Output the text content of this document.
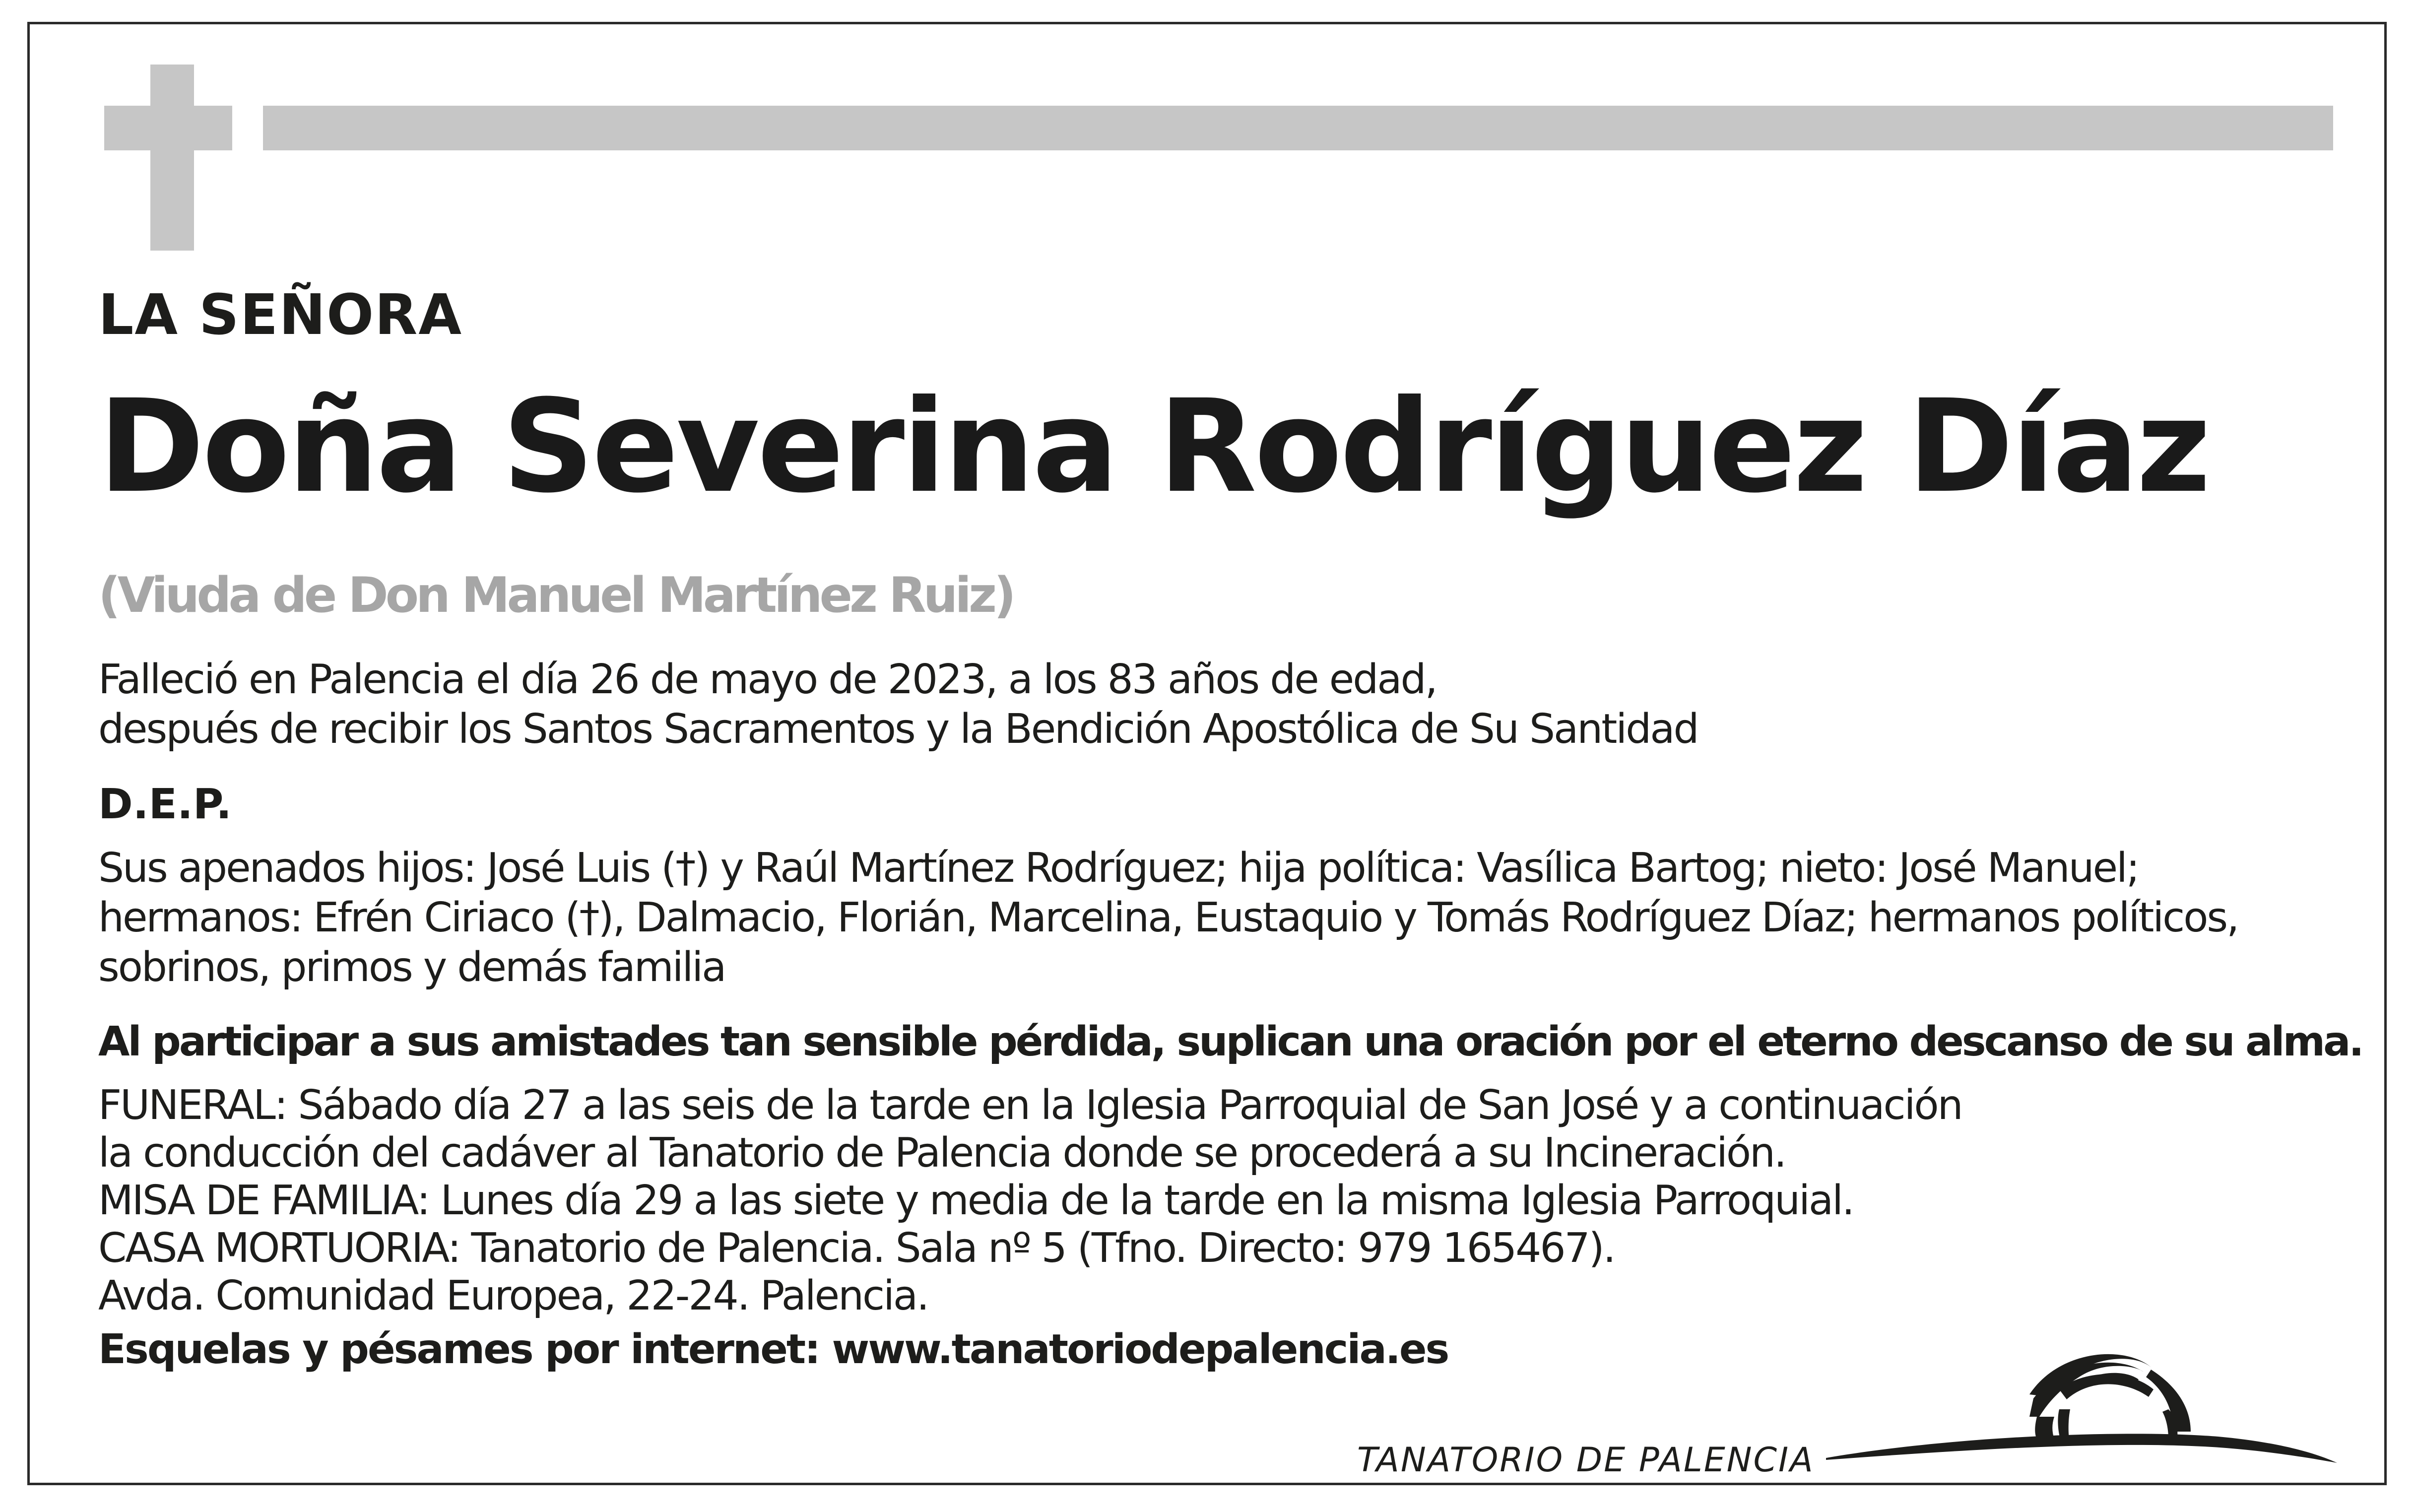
LA SEÑORA

Doña Severina Rodríguez Díaz

(Viuda de Don Manuel Martínez Ruiz)

Falleció en Palencia el día 26 de mayo de 2023, a los 83 años de edad,
después de recibir los Santos Sacramentos y la Bendición Apostólica de Su Santidad
D.E.P.
Sus apenados hijos: José Luis (†) y Raúl Martínez Rodríguez; hija política: Vasílica Bartog; nieto: José Manuel;
hermanos: Efrén Ciriaco (†), Dalmacio, Florián, Marcelina, Eustaquio y Tomás Rodríguez Díaz; hermanos políticos,
sobrinos, primos y demás familia
Al participar a sus amistades tan sensible pérdida, suplican una oración por el eterno descanso de su alma.
FUNERAL: Sábado día 27 a las seis de la tarde en la Iglesia Parroquial de San José y a continuación
la conducción del cadáver al Tanatorio de Palencia donde se procederá a su Incineración.
MISA DE FAMILIA: Lunes día 29 a las siete y media de la tarde en la misma Iglesia Parroquial.
CASA MORTUORIA: Tanatorio de Palencia. Sala nº 5 (Tfno. Directo: 979 165467).
Avda. Comunidad Europea, 22-24. Palencia.
Esquelas y pésames por internet: www.tanatoriodepalencia.es
TANATORIO DE PALENCIA
